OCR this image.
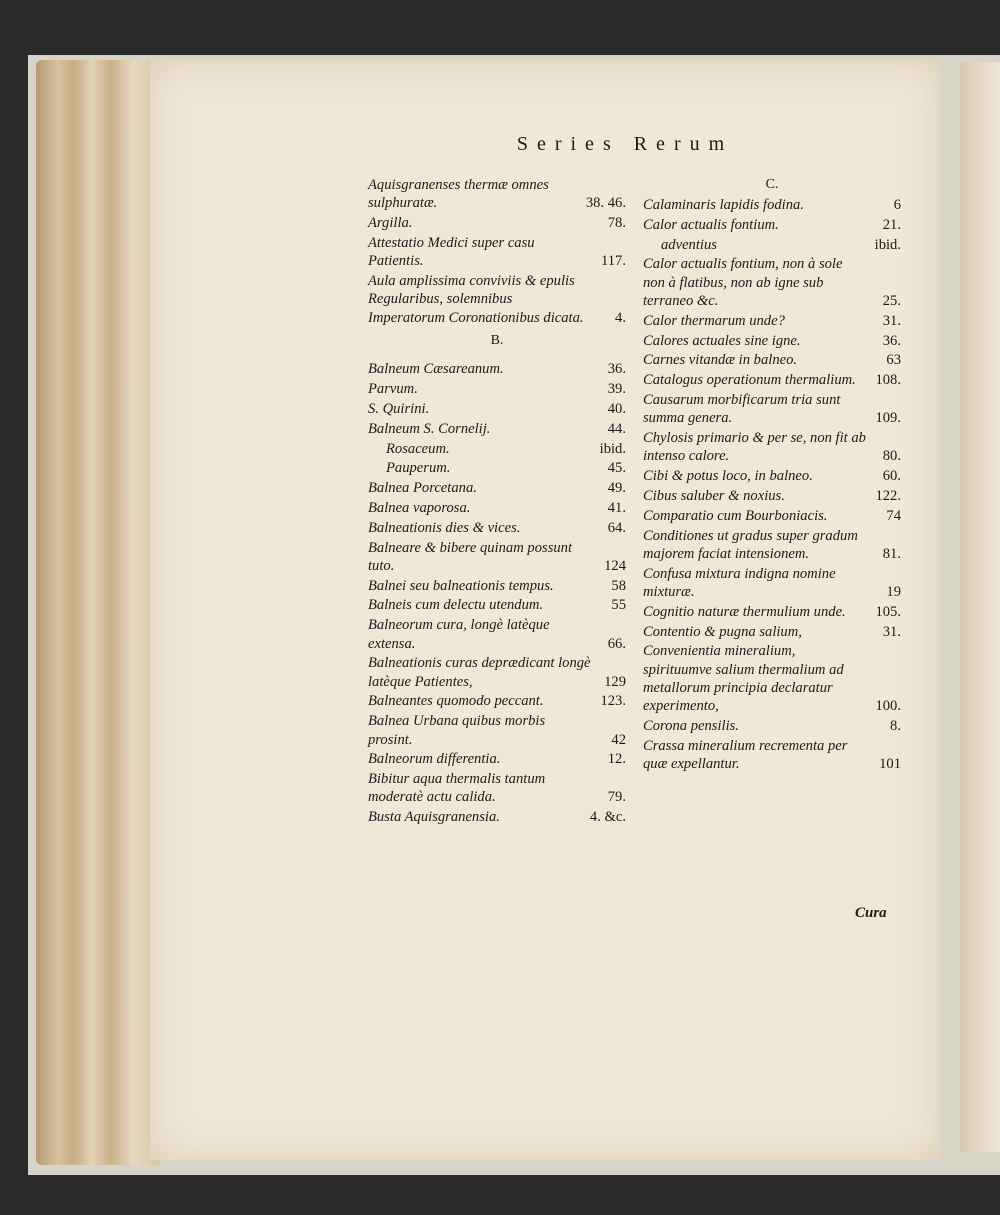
Series Rerum
Aquisgranenses thermæ omnes sulphuratæ.	38. 46.
Argilla.	78.
Attestatio Medici super casu Patientis.	117.
Aula amplissima conviviis & epulis Regularibus, solemnibus Imperatorum Coronationibus dicata. 4.
B.
Balneum Cæsareanum.	36.
Parvum.	39.
S. Quirini.	40.
Balneum S. Cornelij.	44.
Rosaceum.	ibid.
Pauperum.	45.
Balnea Porcetana.	49.
Balnea vaporosa.	41.
Balneationis dies & vices.	64.
Balneare & bibere quinam possunt tuto.	124
Balnei seu balneationis tempus.	58
Balneis cum delectu utendum.	55
Balneorum cura, longè latèque extensa.	66.
Balneationis curas deprædicant longè latèque Patientes,	129
Balneantes quomodo peccant.	123.
Balnea Urbana quibus morbis prosint.	42
Balneorum differentia.	12.
Bibitur aqua thermalis tantum moderatè actu calida.	79.
Busta Aquisgranensia.	4. &c.
C.
Calaminaris lapidis fodina.	6
Calor actualis fontium.	21.
adventius	ibid.
Calor actualis fontium, non à sole non à flatibus, non ab igne sub terraneo &c.	25.
Calor thermarum unde?	31.
Calores actuales sine igne.	36.
Carnes vitandæ in balneo.	63
Catalogus operationum thermalium. 108.
Causarum morbificarum tria sunt summa genera.	109.
Chylosis primario & per se, non fit ab intenso calore.	80.
Cibi & potus loco, in balneo.	60.
Cibus saluber & noxius.	122.
Comparatio cum Bourboniacis.	74
Conditiones ut gradus super gradum majorem faciat intensionem.	81.
Confusa mixtura indigna nomine mixturæ.	19
Cognitio naturæ thermulium unde. 105.
Contentio & pugna salium,	31.
Convenientia mineralium, spirituumve salium thermalium ad metallorum principia declaratur experimento,	100.
Corona pensilis.	8.
Crassa mineralium recrementa per quæ expellantur.	101
Cura
